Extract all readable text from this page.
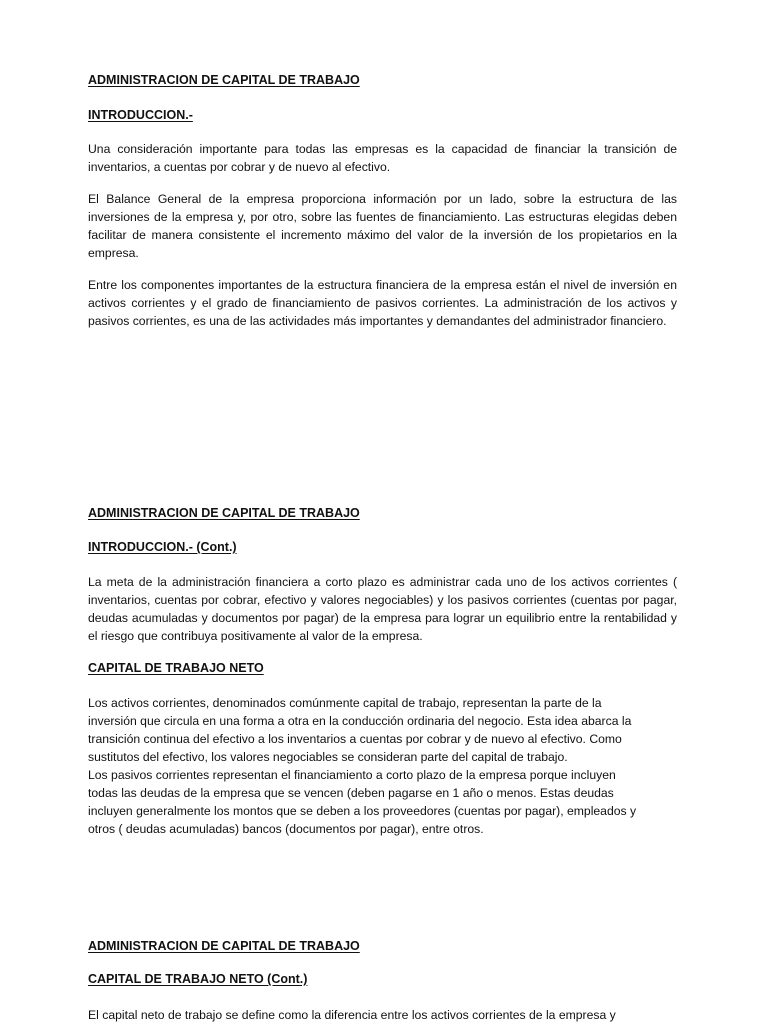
ADMINISTRACION DE CAPITAL DE TRABAJO
INTRODUCCION.-

Una consideración importante para todas las empresas es la capacidad de financiar la transición de inventarios, a cuentas por cobrar y de nuevo al efectivo.

El Balance General de la empresa proporciona información por un lado, sobre la estructura de las inversiones de la empresa y, por otro, sobre las fuentes de financiamiento. Las estructuras elegidas deben facilitar de manera consistente el incremento máximo del valor de la inversión de los propietarios en la empresa.

Entre los componentes importantes de la estructura financiera de la empresa están el nivel de inversión en activos corrientes y el grado de financiamiento de pasivos corrientes. La administración de los activos y pasivos corrientes, es una de las actividades más importantes y demandantes del administrador financiero.

ADMINISTRACION DE CAPITAL DE TRABAJO
INTRODUCCION.- (Cont.)

La meta de la administración financiera a corto plazo es administrar cada uno de los activos corrientes ( inventarios, cuentas por cobrar, efectivo y valores negociables) y los pasivos corrientes (cuentas por pagar, deudas acumuladas y documentos por pagar) de la empresa para lograr un equilibrio entre la rentabilidad y el riesgo que contribuya positivamente al valor de la empresa.

CAPITAL DE TRABAJO NETO
Los activos corrientes, denominados comúnmente capital de trabajo, representan la parte de la
inversión que circula en una forma a otra en la conducción ordinaria del negocio. Esta idea abarca la
transición continua del efectivo a los inventarios a cuentas por cobrar y de nuevo al efectivo. Como
sustitutos del efectivo, los valores negociables se consideran parte del capital de trabajo.
Los pasivos corrientes representan el financiamiento a corto plazo de la empresa porque incluyen
todas las deudas de la empresa que se vencen (deben pagarse en 1 año o menos. Estas deudas
incluyen generalmente los montos que se deben a los proveedores (cuentas por pagar), empleados y
otros ( deudas acumuladas) bancos (documentos por pagar), entre otros.
ADMINISTRACION DE CAPITAL DE TRABAJO
CAPITAL DE TRABAJO NETO (Cont.)
El capital neto de trabajo se define como la diferencia entre los activos corrientes de la empresa y
